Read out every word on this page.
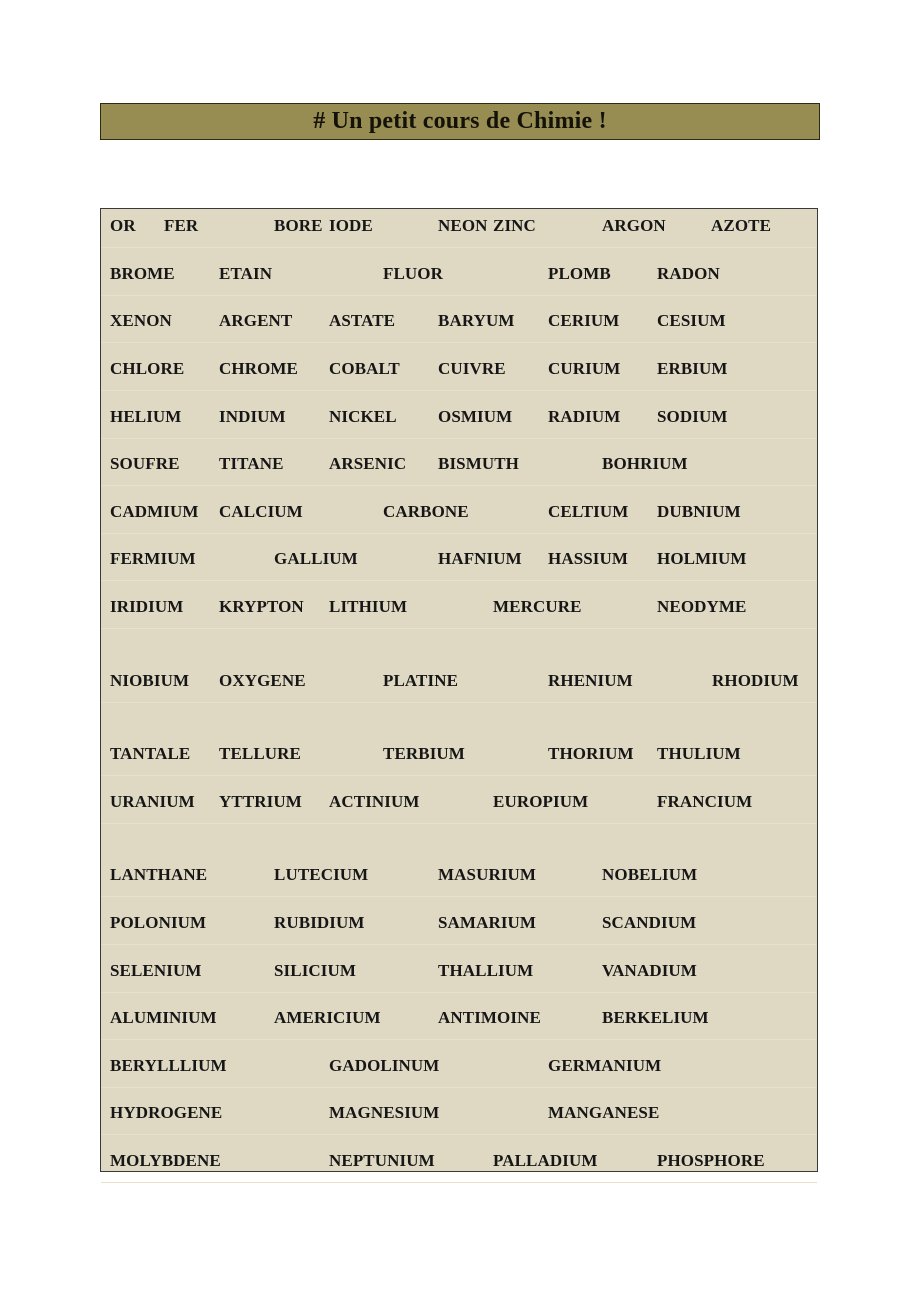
# Un petit cours de Chimie !
OR FER	BORE IODE	NEON ZINC	ARGON	AZOTE
BROME	ETAIN	FLUOR	PLOMB	RADON
XENON	ARGENT ASTATE	BARYUM CERIUM CESIUM
CHLORE CHROME COBALT CUIVRE CURIUM ERBIUM
HELIUM INDIUM	NICKEL OSMIUM RADIUM SODIUM
SOUFRE TITANE	ARSENIC BISMUTH	BOHRIUM
CADMIUM CALCIUM	CARBONE	CELTIUM DUBNIUM
FERMIUM	GALLIUM	HAFNIUM HASSIUM HOLMIUM
IRIDIUM KRYPTON LITHIUM	MERCURE	NEODYME
NIOBIUM OXYGENE	PLATINE	RHENIUM	RHODIUM
TANTALE TELLURE	TERBIUM	THORIUM THULIUM
URANIUM YTTRIUM ACTINIUM	EUROPIUM	FRANCIUM
LANTHANE	LUTECIUM	MASURIUM	NOBELIUM
POLONIUM	RUBIDIUM	SAMARIUM	SCANDIUM
SELENIUM	SILICIUM	THALLIUM	VANADIUM
ALUMINIUM	AMERICIUM	ANTIMOINE	BERKELIUM
BERYLLLIUM	GADOLINUM	GERMANIUM
HYDROGENE	MAGNESIUM	MANGANESE
MOLYBDENE	NEPTUNIUM	PALLADIUM	PHOSPHORE
